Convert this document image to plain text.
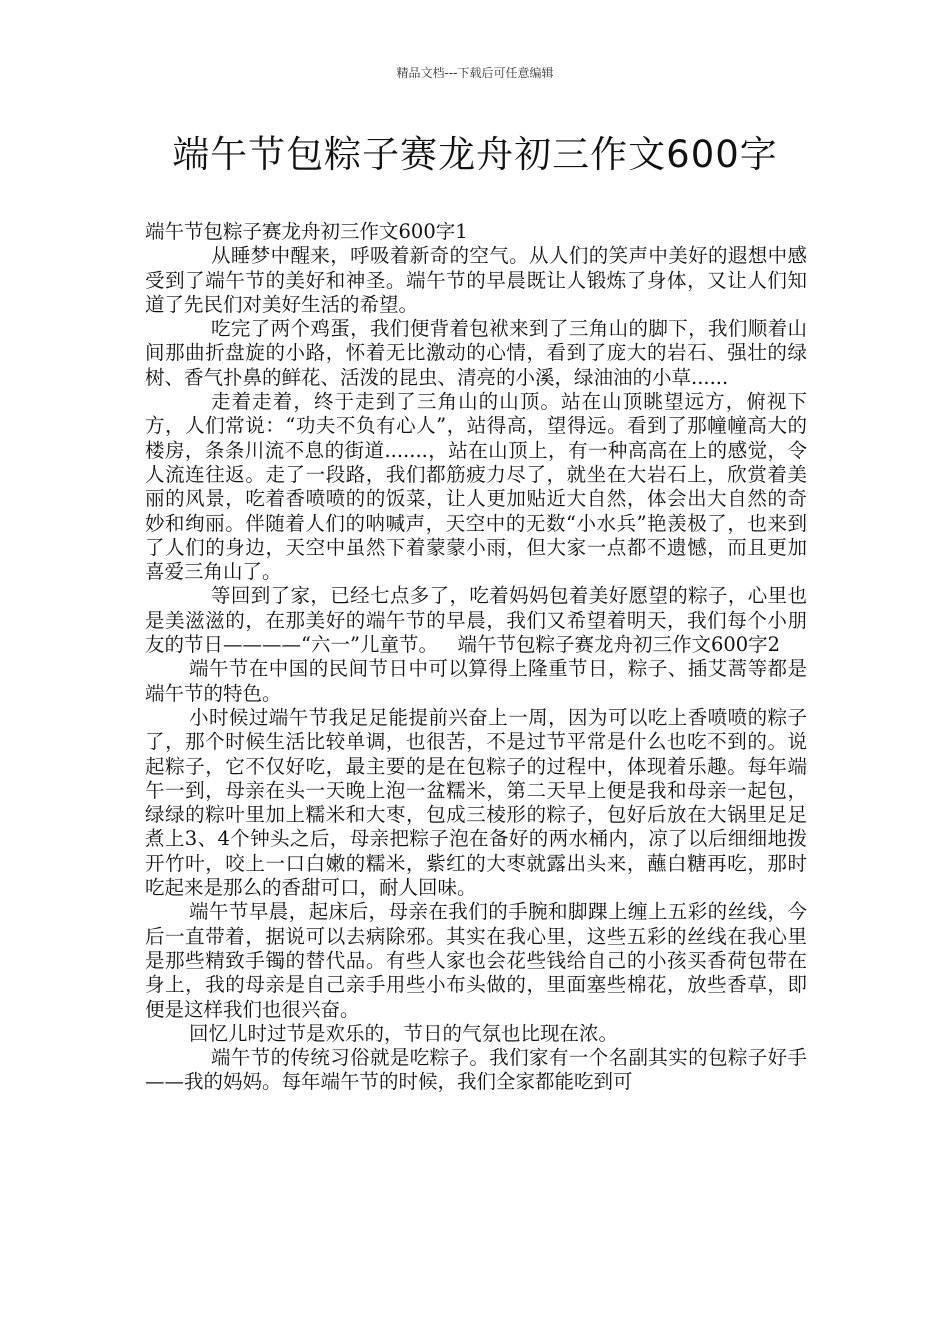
精品文档---下载后可任意编辑
端午节包粽子赛龙舟初三作文600字

端午节包粽子赛龙舟初三作文600字1

从睡梦中醒来，呼吸着新奇的空气。从人们的笑声中美好的遐想中感受到了端午节的美好和神圣。端午节的早晨既让人锻炼了身体，又让人们知道了先民们对美好生活的希望。

吃完了两个鸡蛋，我们便背着包袱来到了三角山的脚下，我们顺着山间那曲折盘旋的小路，怀着无比激动的心情，看到了庞大的岩石、强壮的绿树、香气扑鼻的鲜花、活泼的昆虫、清亮的小溪，绿油油的小草......

走着走着，终于走到了三角山的山顶。站在山顶眺望远方，俯视下方，人们常说：“功夫不负有心人”，站得高，望得远。看到了那幢幢高大的楼房，条条川流不息的街道.......，站在山顶上，有一种高高在上的感觉，令人流连往返。走了一段路，我们都筋疲力尽了，就坐在大岩石上，欣赏着美丽的风景，吃着香喷喷的的饭菜，让人更加贴近大自然，体会出大自然的奇妙和绚丽。伴随着人们的呐喊声，天空中的无数“小水兵”艳羡极了，也来到了人们的身边，天空中虽然下着蒙蒙小雨，但大家一点都不遗憾，而且更加喜爱三角山了。

等回到了家，已经七点多了，吃着妈妈包着美好愿望的粽子，心里也是美滋滋的，在那美好的端午节的早晨，我们又希望着明天，我们每个小朋友的节日————“六一”儿童节。  端午节包粽子赛龙舟初三作文600字2

端午节在中国的民间节日中可以算得上隆重节日，粽子、插艾蒿等都是端午节的特色。

小时候过端午节我足足能提前兴奋上一周，因为可以吃上香喷喷的粽子了，那个时候生活比较单调，也很苦，不是过节平常是什么也吃不到的。说起粽子，它不仅好吃，最主要的是在包粽子的过程中，体现着乐趣。每年端午一到，母亲在头一天晚上泡一盆糯米，第二天早上便是我和母亲一起包，绿绿的粽叶里加上糯米和大枣，包成三棱形的粽子，包好后放在大锅里足足煮上3、4个钟头之后，母亲把粽子泡在备好的两水桶内，凉了以后细细地拨开竹叶，咬上一口白嫩的糯米，紫红的大枣就露出头来，蘸白糖再吃，那时吃起来是那么的香甜可口，耐人回味。

端午节早晨，起床后，母亲在我们的手腕和脚踝上缠上五彩的丝线，今后一直带着，据说可以去病除邪。其实在我心里，这些五彩的丝线在我心里是那些精致手镯的替代品。有些人家也会花些钱给自己的小孩买香荷包带在身上，我的母亲是自己亲手用些小布头做的，里面塞些棉花，放些香草，即便是这样我们也很兴奋。

回忆儿时过节是欢乐的，节日的气氛也比现在浓。

端午节的传统习俗就是吃粽子。我们家有一个名副其实的包粽子好手——我的妈妈。每年端午节的时候，我们全家都能吃到可
